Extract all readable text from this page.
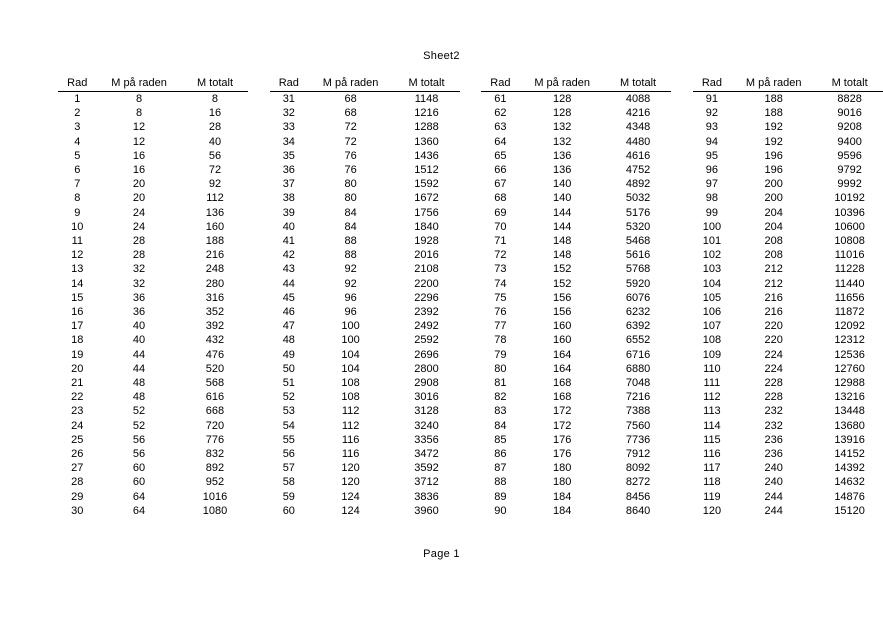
Sheet2
Rad	M på raden	M totalt
1	8	8
2	8	16
3	12	28
4	12	40
5	16	56
6	16	72
7	20	92
8	20	112
9	24	136
10	24	160
11	28	188
12	28	216
13	32	248
14	32	280
15	36	316
16	36	352
17	40	392
18	40	432
19	44	476
20	44	520
21	48	568
22	48	616
23	52	668
24	52	720
25	56	776
26	56	832
27	60	892
28	60	952
29	64	1016
30	64	1080
Rad	M på raden	M totalt
31	68	1148
32	68	1216
33	72	1288
34	72	1360
35	76	1436
36	76	1512
37	80	1592
38	80	1672
39	84	1756
40	84	1840
41	88	1928
42	88	2016
43	92	2108
44	92	2200
45	96	2296
46	96	2392
47	100	2492
48	100	2592
49	104	2696
50	104	2800
51	108	2908
52	108	3016
53	112	3128
54	112	3240
55	116	3356
56	116	3472
57	120	3592
58	120	3712
59	124	3836
60	124	3960
Rad	M på raden	M totalt
61	128	4088
62	128	4216
63	132	4348
64	132	4480
65	136	4616
66	136	4752
67	140	4892
68	140	5032
69	144	5176
70	144	5320
71	148	5468
72	148	5616
73	152	5768
74	152	5920
75	156	6076
76	156	6232
77	160	6392
78	160	6552
79	164	6716
80	164	6880
81	168	7048
82	168	7216
83	172	7388
84	172	7560
85	176	7736
86	176	7912
87	180	8092
88	180	8272
89	184	8456
90	184	8640
Rad	M på raden	M totalt
91	188	8828
92	188	9016
93	192	9208
94	192	9400
95	196	9596
96	196	9792
97	200	9992
98	200	10192
99	204	10396
100	204	10600
101	208	10808
102	208	11016
103	212	11228
104	212	11440
105	216	11656
106	216	11872
107	220	12092
108	220	12312
109	224	12536
110	224	12760
111	228	12988
112	228	13216
113	232	13448
114	232	13680
115	236	13916
116	236	14152
117	240	14392
118	240	14632
119	244	14876
120	244	15120
Page 1
